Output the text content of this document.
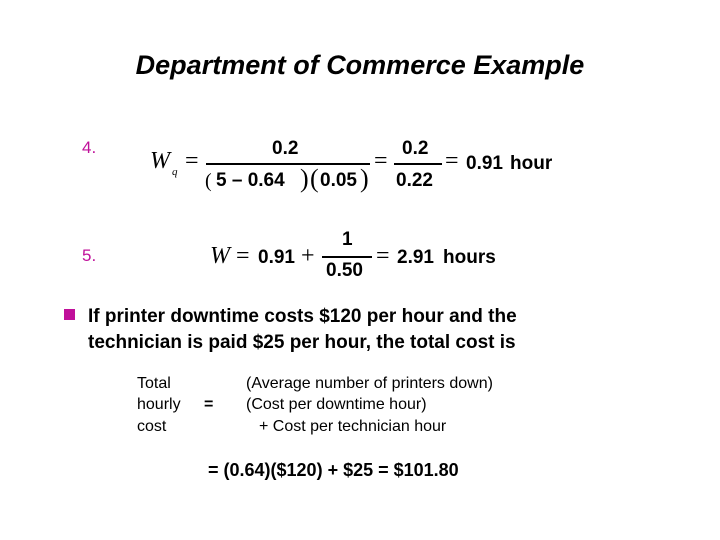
Department of Commerce Example
4.
W q =	0.2
( 5 – 0.64 ) ( 0.05 )
= 0.2
0.22
= 0.91 hour
5.	W = 0.91 +
1
0.50
= 2.91 hours
If printer downtime costs $120 per hour and the
technician is paid $25 per hour, the total cost is
Total
hourly
cost
=
(Average number of printers down)
(Cost per downtime hour)
+ Cost per technician hour
= (0.64)($120) + $25 = $101.80
